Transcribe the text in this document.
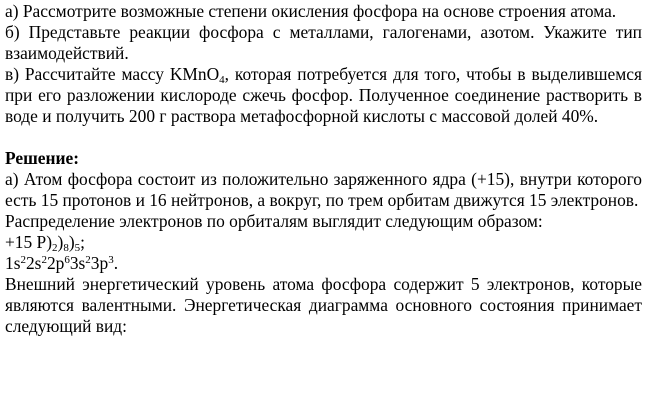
а) Рассмотрите возможные степени окисления фосфора на основе строения атома.

б) Представьте реакции фосфора с металлами, галогенами, азотом. Укажите тип взаимодействий.

в) Рассчитайте массу KMnO$_4$, которая потребуется для того, чтобы в выделившемся при его разложении кислороде сжечь фосфор. Полученное соединение растворить в воде и получить 200 г раствора метафосфорной кислоты с массовой долей 40%.

Решение:

а) Атом фосфора состоит из положительно заряженного ядра (+15), внутри которого есть 15 протонов и 16 нейтронов, а вокруг, по трем орбитам движутся 15 электронов.

Распределение электронов по орбиталям выглядит следующим образом:

+15 $P)_2)_8)_5$;

$1s^22s^22p^63s^23p^3$.

Внешний энергетический уровень атома фосфора содержит 5 электронов, которые являются валентными. Энергетическая диаграмма основного состояния принимает следующий вид:
